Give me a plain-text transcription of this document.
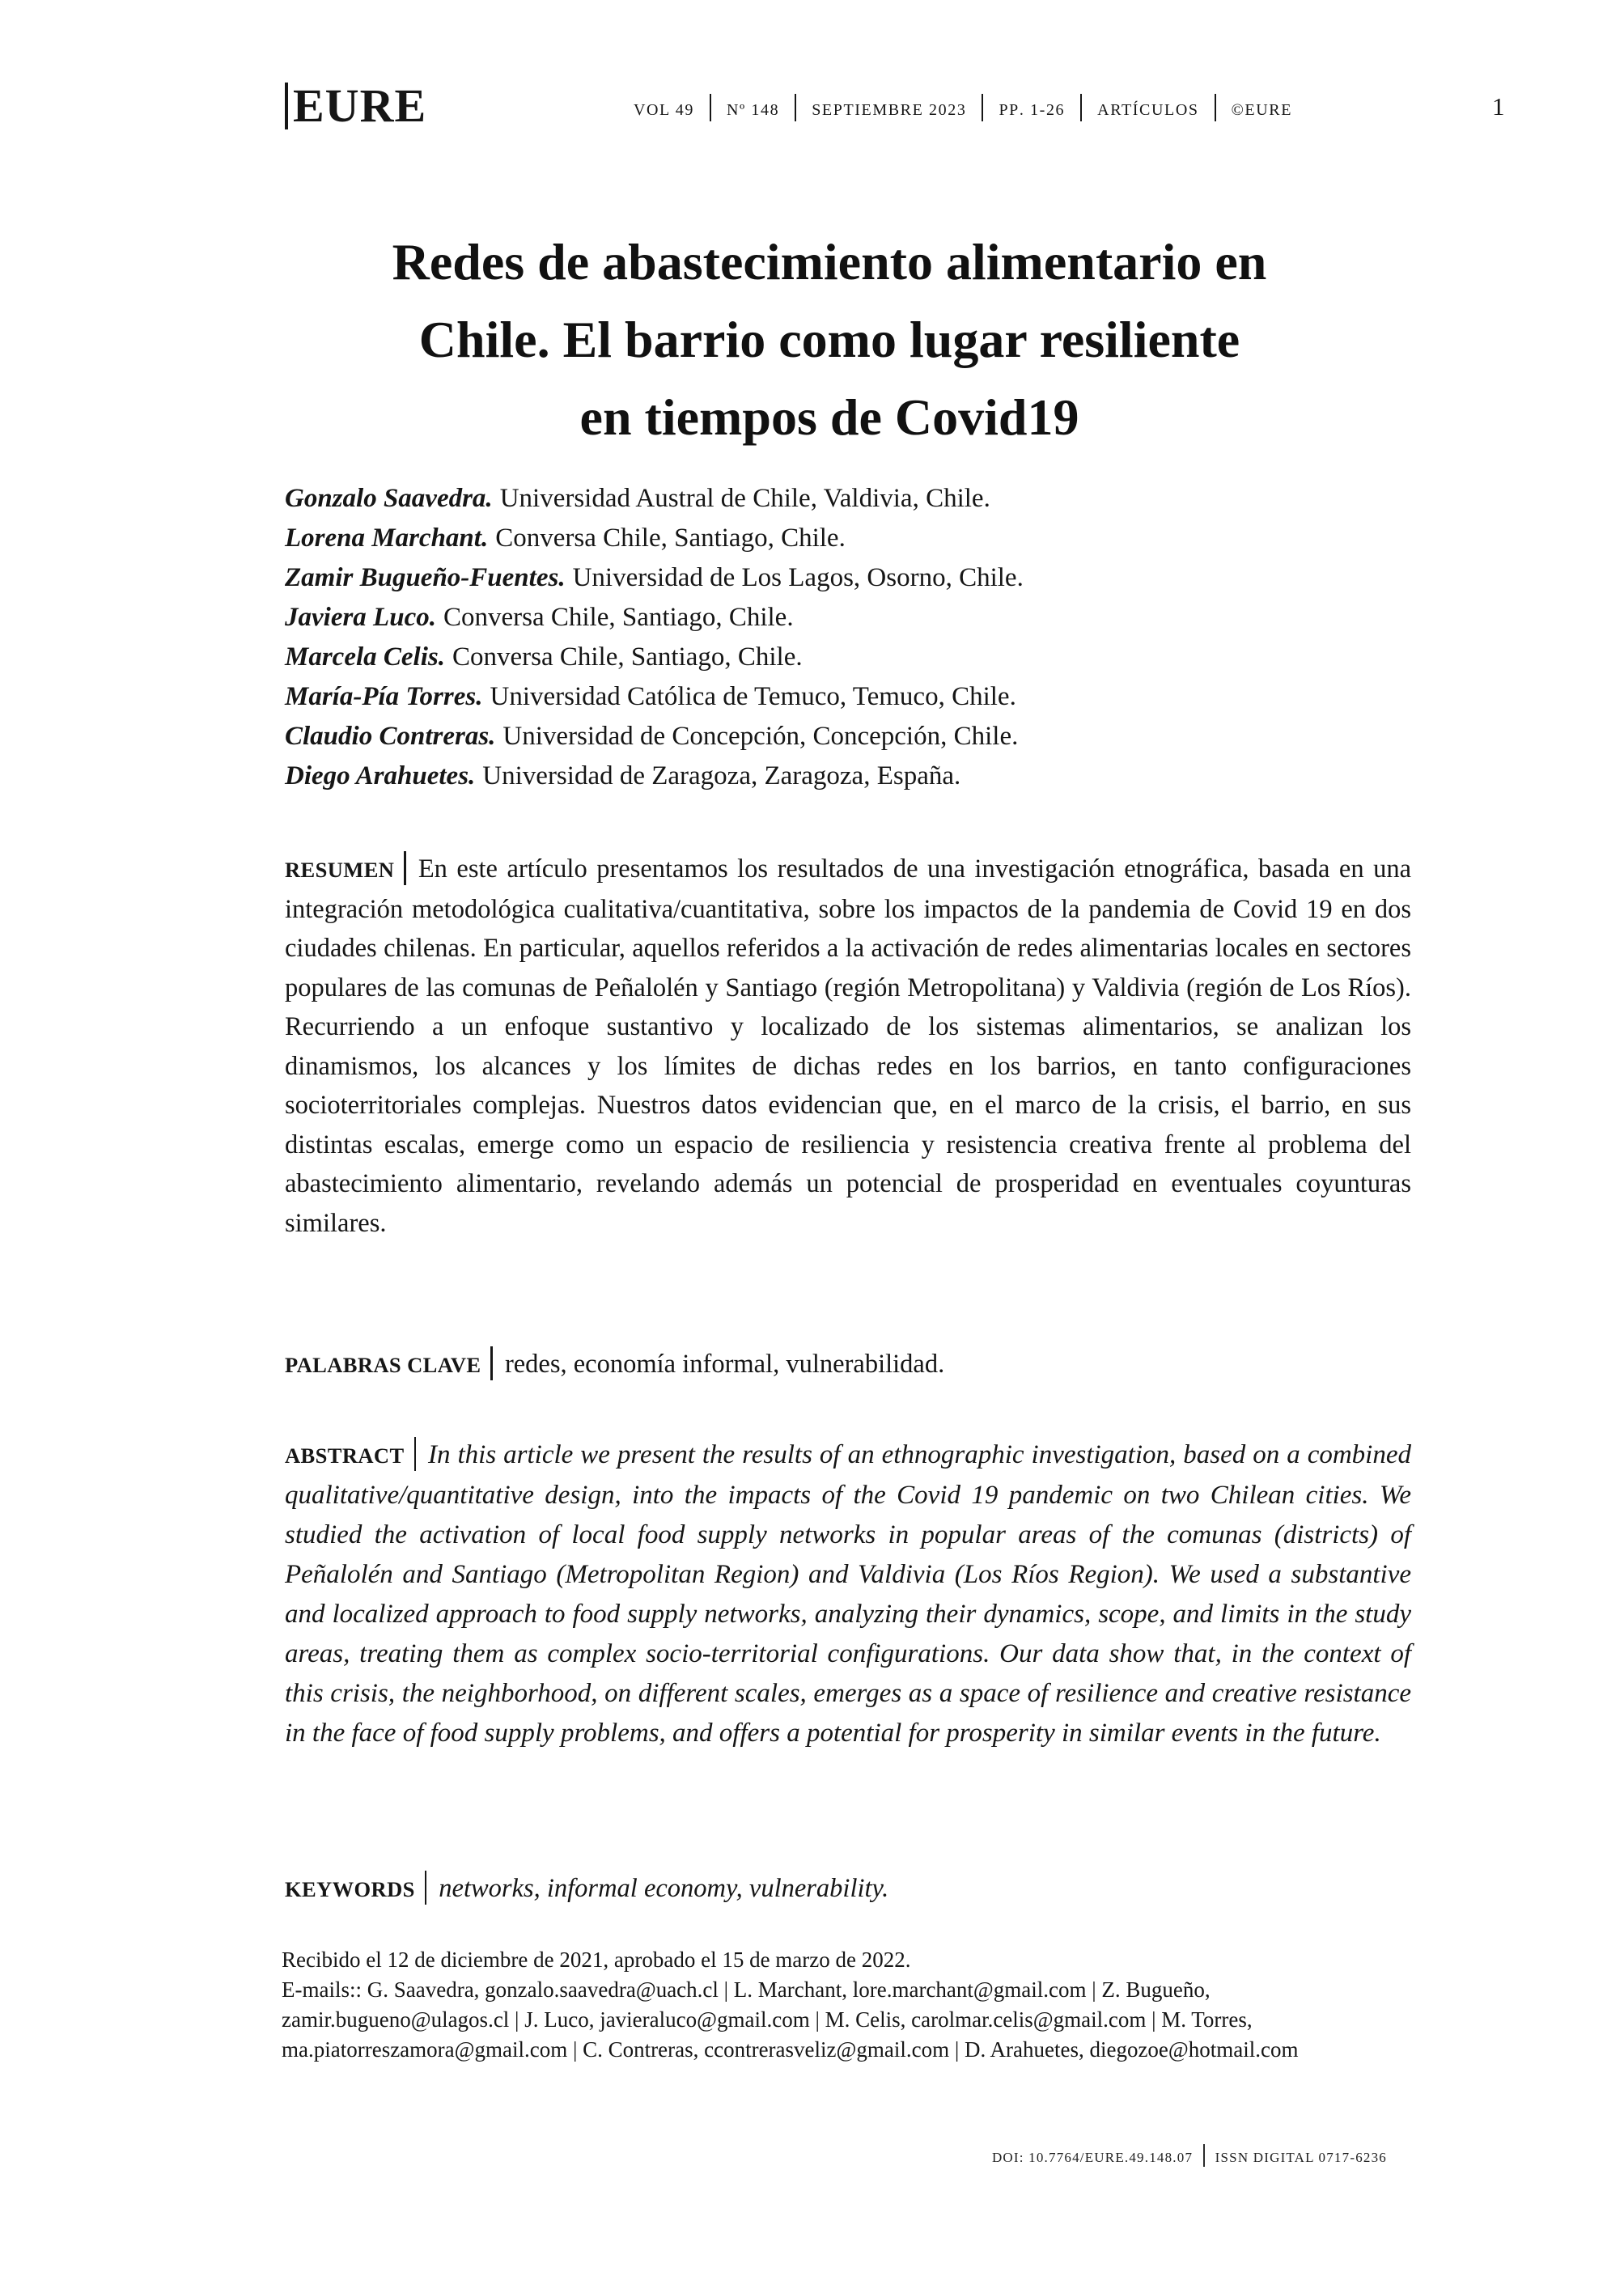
EURE	VOL 49 Nº 148 SEPTIEMBRE 2023 pp. 1-26 ARTÍCULOS ©EURE	1
Redes de abastecimiento alimentario en
Chile. El barrio como lugar resiliente
en tiempos de Covid19
Gonzalo Saavedra. Universidad Austral de Chile, Valdivia, Chile.
Lorena Marchant. Conversa Chile, Santiago, Chile.
Zamir Bugueño-Fuentes. Universidad de Los Lagos, Osorno, Chile.
Javiera Luco. Conversa Chile, Santiago, Chile.
Marcela Celis. Conversa Chile, Santiago, Chile.
María-Pía Torres. Universidad Católica de Temuco, Temuco, Chile.
Claudio Contreras. Universidad de Concepción, Concepción, Chile.
Diego Arahuetes. Universidad de Zaragoza, Zaragoza, España.

RESUMEN En este artículo presentamos los resultados de una investigación etnográfica, basada en una integración metodológica cualitativa/cuantitativa, sobre los impactos de la pandemia de Covid 19 en dos ciudades chilenas. En particular, aquellos referidos a la activación de redes alimentarias locales en sectores populares de las comunas de Peñalolén y Santiago (región Metropolitana) y Valdivia (región de Los Ríos). Recurriendo a un enfoque sustantivo y localizado de los sistemas alimentarios, se analizan los dinamismos, los alcances y los límites de dichas redes en los barrios, en tanto configuraciones socioterritoriales complejas. Nuestros datos evidencian que, en el marco de la crisis, el barrio, en sus distintas escalas, emerge como un espacio de resiliencia y resistencia creativa frente al problema del abastecimiento alimentario, revelando además un potencial de prosperidad en eventuales coyunturas similares.

PALABRAS CLAVE redes, economía informal, vulnerabilidad.

ABSTRACT In this article we present the results of an ethnographic investigation, based on a combined qualitative/quantitative design, into the impacts of the Covid 19 pandemic on two Chilean cities. We studied the activation of local food supply networks in popular areas of the comunas (districts) of Peñalolén and Santiago (Metropolitan Region) and Valdivia (Los Ríos Region). We used a substantive and localized approach to food supply networks, analyzing their dynamics, scope, and limits in the study areas, treating them as complex socio-territorial configurations. Our data show that, in the context of this crisis, the neighborhood, on different scales, emerges as a space of resilience and creative resistance in the face of food supply problems, and offers a potential for prosperity in similar events in the future.

KEYWORDS networks, informal economy, vulnerability.

Recibido el 12 de diciembre de 2021, aprobado el 15 de marzo de 2022.
E-mails:: G. Saavedra, gonzalo.saavedra@uach.cl | L. Marchant, lore.marchant@gmail.com | Z. Bugueño, zamir.bugueno@ulagos.cl | J. Luco, javieraluco@gmail.com | M. Celis, carolmar.celis@gmail.com | M. Torres, ma.piatorreszamora@gmail.com | C. Contreras, ccontrerasveliz@gmail.com | D. Arahuetes, diegozoe@hotmail.com
DOI: 10.7764/EURE.49.148.07 ISSN DIGITAL 0717-6236
